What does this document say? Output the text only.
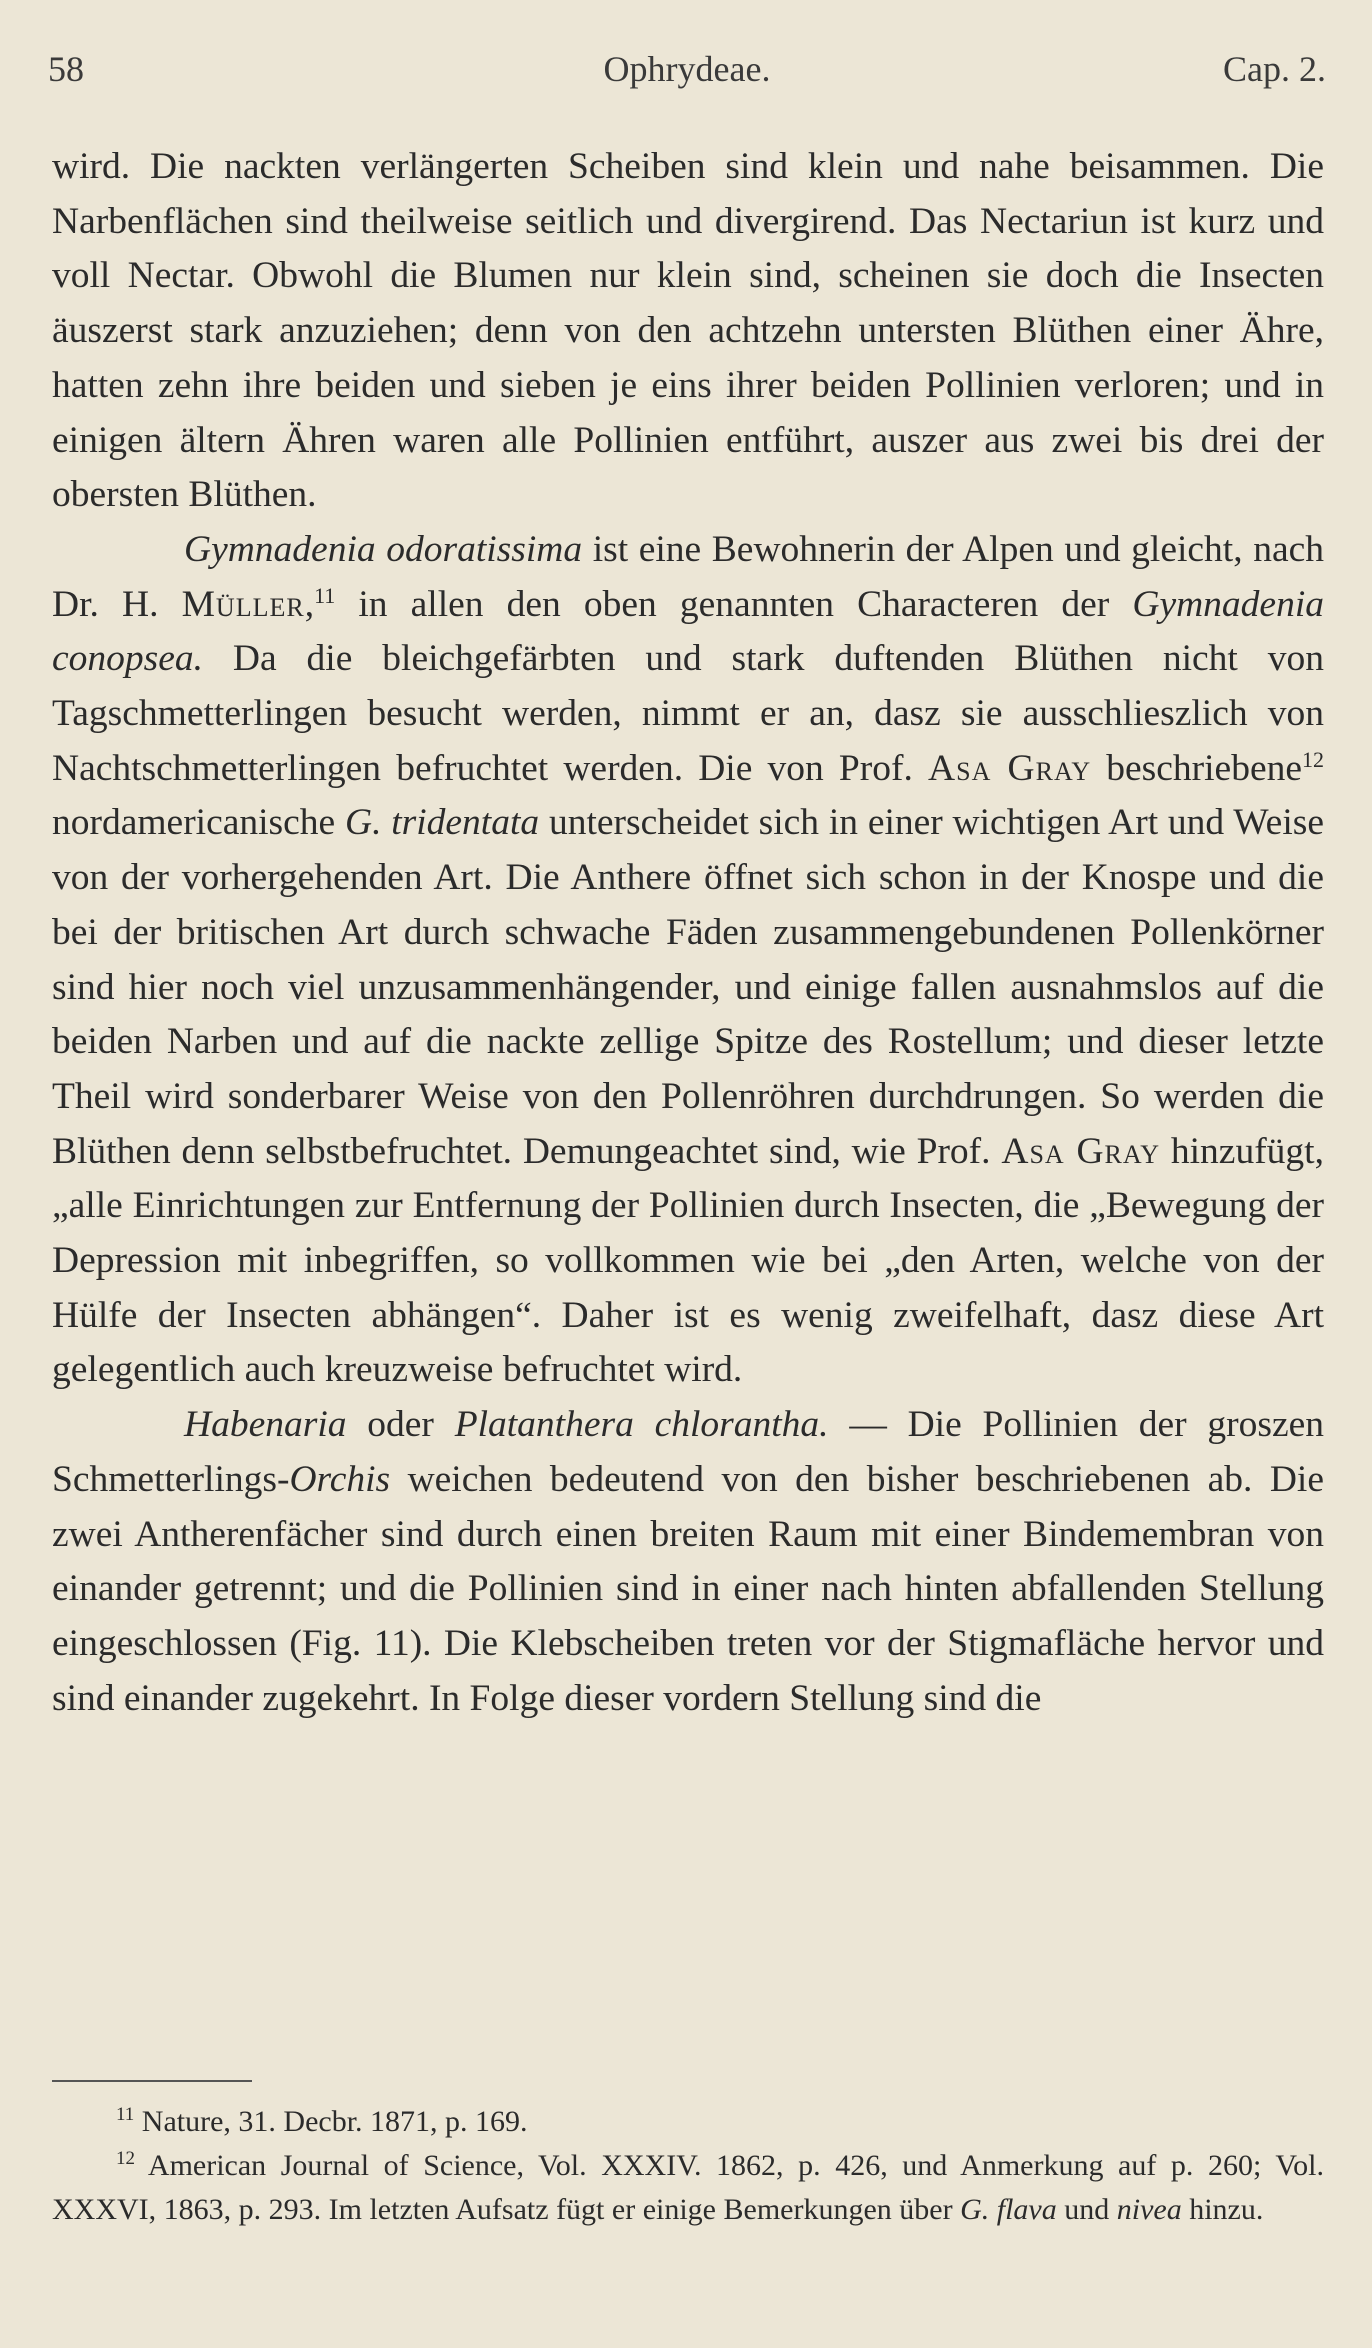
58	Ophrydeae.	Cap. 2.

wird. Die nackten verlängerten Scheiben sind klein und nahe beisammen. Die Narbenflächen sind theilweise seitlich und divergirend. Das Nectariun ist kurz und voll Nectar. Obwohl die Blumen nur klein sind, scheinen sie doch die Insecten äuszerst stark anzuziehen; denn von den achtzehn untersten Blüthen einer Ähre, hatten zehn ihre beiden und sieben je eins ihrer beiden Pollinien verloren; und in einigen ältern Ähren waren alle Pollinien entführt, auszer aus zwei bis drei der obersten Blüthen.

Gymnadenia odoratissima ist eine Bewohnerin der Alpen und gleicht, nach Dr. H. Müller,$^{11}$ in allen den oben genannten Characteren der Gymnadenia conopsea. Da die bleichgefärbten und stark duftenden Blüthen nicht von Tagschmetterlingen besucht werden, nimmt er an, dasz sie ausschlieszlich von Nachtschmetterlingen befruchtet werden. Die von Prof. Asa Gray beschriebene$^{12}$ nordamericanische G. tridentata unterscheidet sich in einer wichtigen Art und Weise von der vorhergehenden Art. Die Anthere öffnet sich schon in der Knospe und die bei der britischen Art durch schwache Fäden zusammengebundenen Pollenkörner sind hier noch viel unzusammenhängender, und einige fallen ausnahmslos auf die beiden Narben und auf die nackte zellige Spitze des Rostellum; und dieser letzte Theil wird sonderbarer Weise von den Pollenröhren durchdrungen. So werden die Blüthen denn selbstbefruchtet. Demungeachtet sind, wie Prof. Asa Gray hinzufügt, „alle Einrichtungen zur Entfernung der Pollinien durch Insecten, die „Bewegung der Depression mit inbegriffen, so vollkommen wie bei „den Arten, welche von der Hülfe der Insecten abhängen“. Daher ist es wenig zweifelhaft, dasz diese Art gelegentlich auch kreuzweise befruchtet wird.

Habenaria oder Platanthera chlorantha. — Die Pollinien der groszen Schmetterlings-Orchis weichen bedeutend von den bisher beschriebenen ab. Die zwei Antherenfächer sind durch einen breiten Raum mit einer Bindemembran von einander getrennt; und die Pollinien sind in einer nach hinten abfallenden Stellung eingeschlossen (Fig. 11). Die Klebscheiben treten vor der Stigmafläche hervor und sind einander zugekehrt. In Folge dieser vordern Stellung sind die

$^{11}$ Nature, 31. Decbr. 1871, p. 169.

$^{12}$ American Journal of Science, Vol. XXXIV. 1862, p. 426, und Anmerkung auf p. 260; Vol. XXXVI, 1863, p. 293. Im letzten Aufsatz fügt er einige Bemerkungen über G. flava und nivea hinzu.
